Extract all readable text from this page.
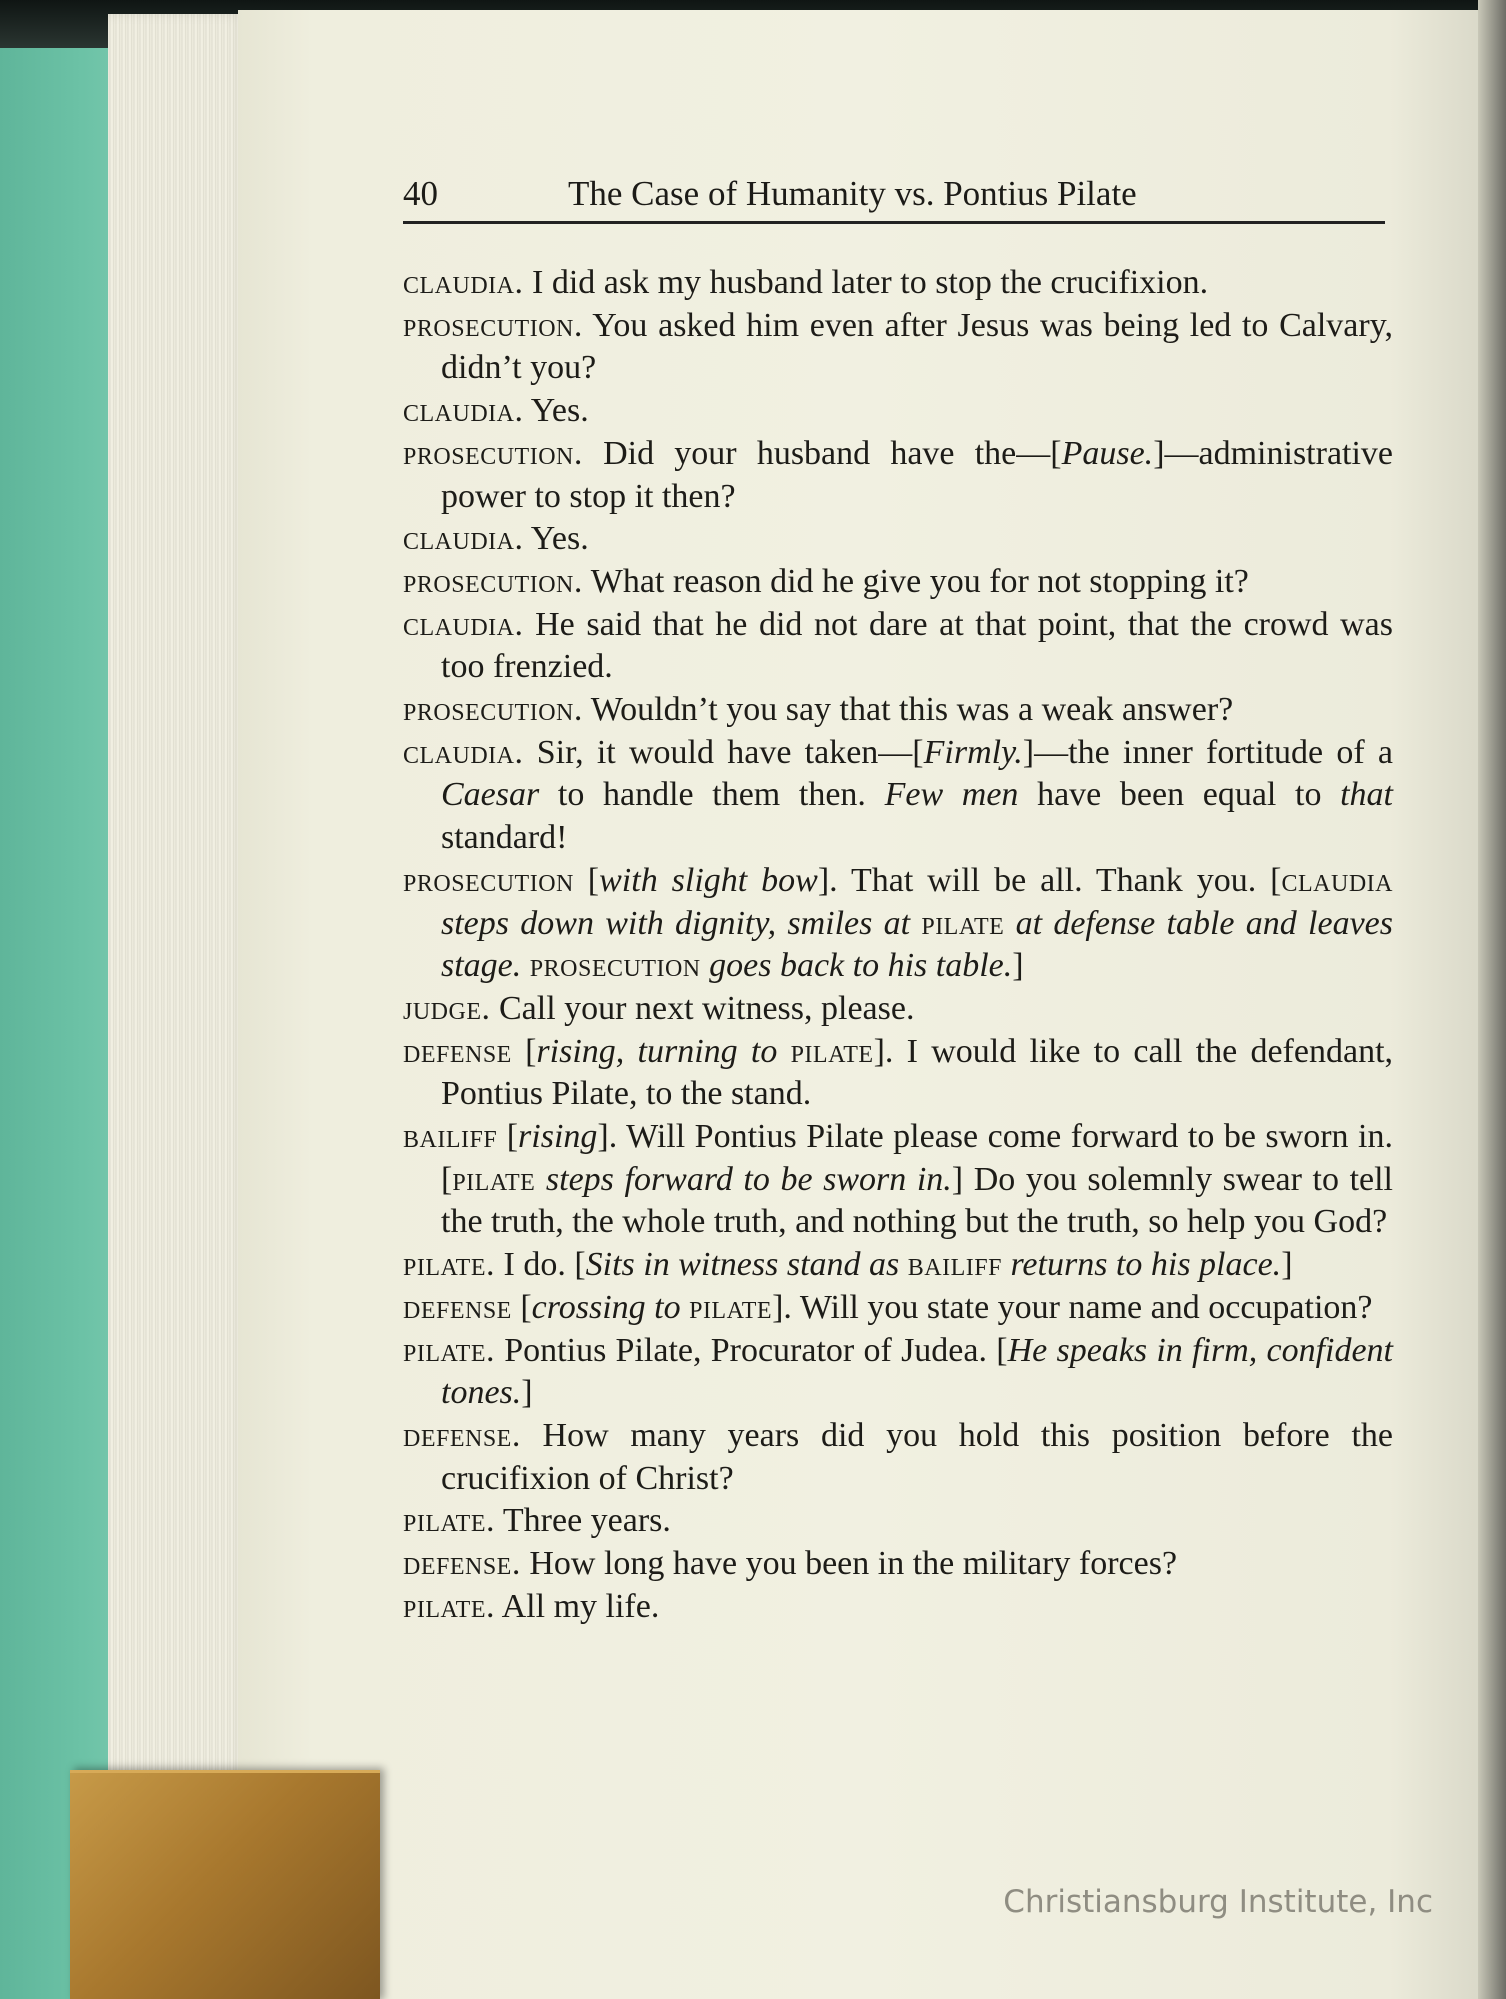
40	The Case of Humanity vs. Pontius Pilate

claudia. I did ask my husband later to stop the crucifixion.

prosecution. You asked him even after Jesus was being led to Calvary, didn’t you?

claudia. Yes.

prosecution. Did your husband have the—[Pause.]—administrative power to stop it then?

claudia. Yes.

prosecution. What reason did he give you for not stopping it?

claudia. He said that he did not dare at that point, that the crowd was too frenzied.

prosecution. Wouldn’t you say that this was a weak answer?

claudia. Sir, it would have taken—[Firmly.]—the inner fortitude of a Caesar to handle them then. Few men have been equal to that standard!

prosecution [with slight bow]. That will be all. Thank you. [claudia steps down with dignity, smiles at pilate at defense table and leaves stage. prosecution goes back to his table.]

judge. Call your next witness, please.

defense [rising, turning to pilate]. I would like to call the defendant, Pontius Pilate, to the stand.

bailiff [rising]. Will Pontius Pilate please come forward to be sworn in. [pilate steps forward to be sworn in.] Do you solemnly swear to tell the truth, the whole truth, and nothing but the truth, so help you God?

pilate. I do. [Sits in witness stand as bailiff returns to his place.]

defense [crossing to pilate]. Will you state your name and occupation?

pilate. Pontius Pilate, Procurator of Judea. [He speaks in firm, confident tones.]

defense. How many years did you hold this position before the crucifixion of Christ?

pilate. Three years.

defense. How long have you been in the military forces?

pilate. All my life.

Christiansburg Institute, Inc
